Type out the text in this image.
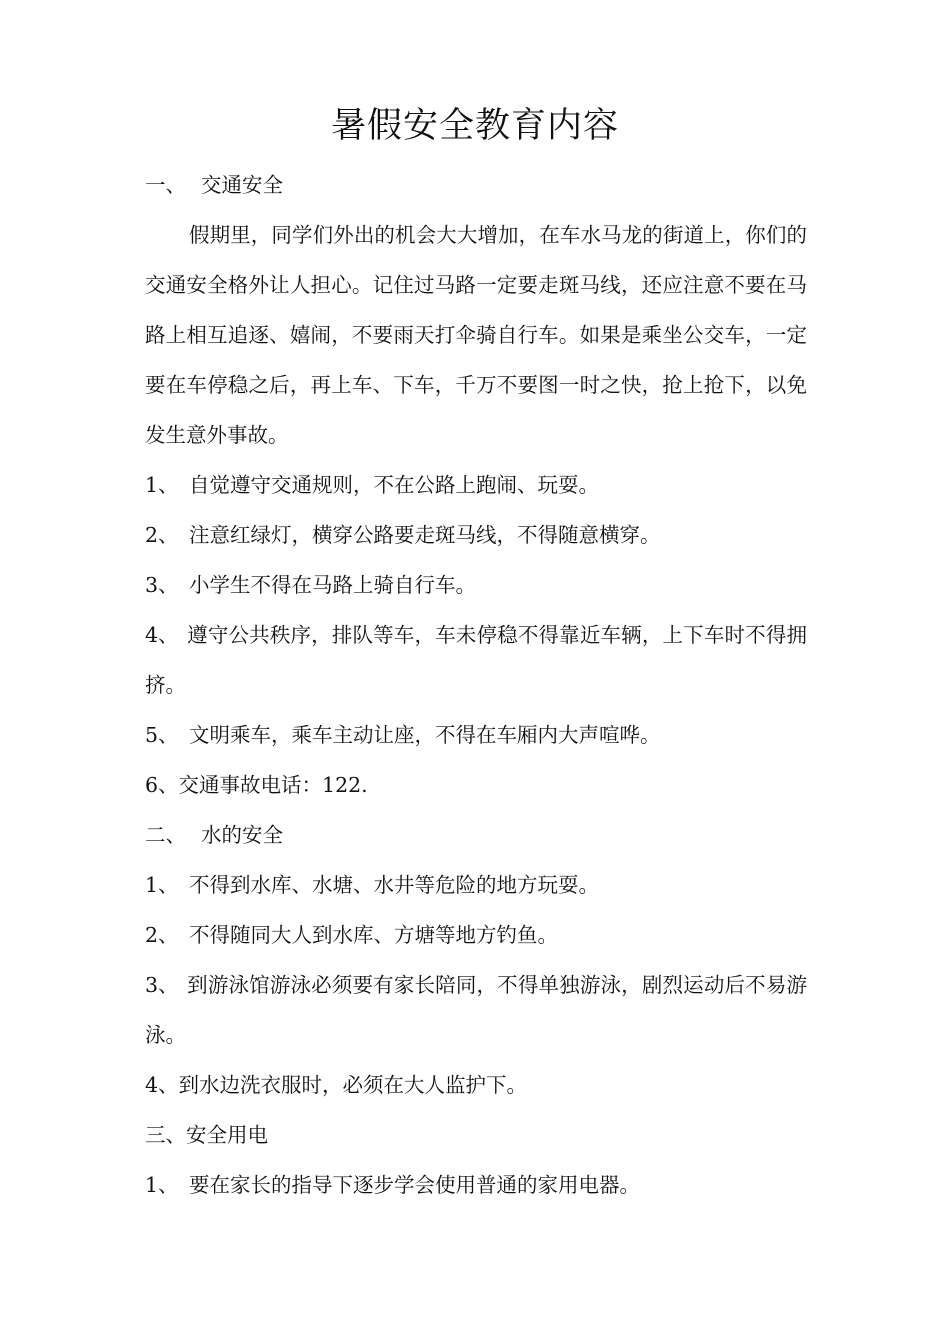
暑假安全教育内容

一、 交通安全

假期里，同学们外出的机会大大增加，在车水马龙的街道上，你们的交通安全格外让人担心。记住过马路一定要走斑马线，还应注意不要在马路上相互追逐、嬉闹，不要雨天打伞骑自行车。如果是乘坐公交车，一定要在车停稳之后，再上车、下车，千万不要图一时之快，抢上抢下，以免发生意外事故。

1、 自觉遵守交通规则，不在公路上跑闹、玩耍。

2、 注意红绿灯，横穿公路要走斑马线，不得随意横穿。

3、 小学生不得在马路上骑自行车。

4、 遵守公共秩序，排队等车，车未停稳不得靠近车辆，上下车时不得拥挤。

5、 文明乘车，乘车主动让座，不得在车厢内大声喧哗。

6、交通事故电话：122.

二、 水的安全

1、 不得到水库、水塘、水井等危险的地方玩耍。

2、 不得随同大人到水库、方塘等地方钓鱼。

3、 到游泳馆游泳必须要有家长陪同，不得单独游泳，剧烈运动后不易游泳。

4、到水边洗衣服时，必须在大人监护下。

三、安全用电

1、 要在家长的指导下逐步学会使用普通的家用电器。
